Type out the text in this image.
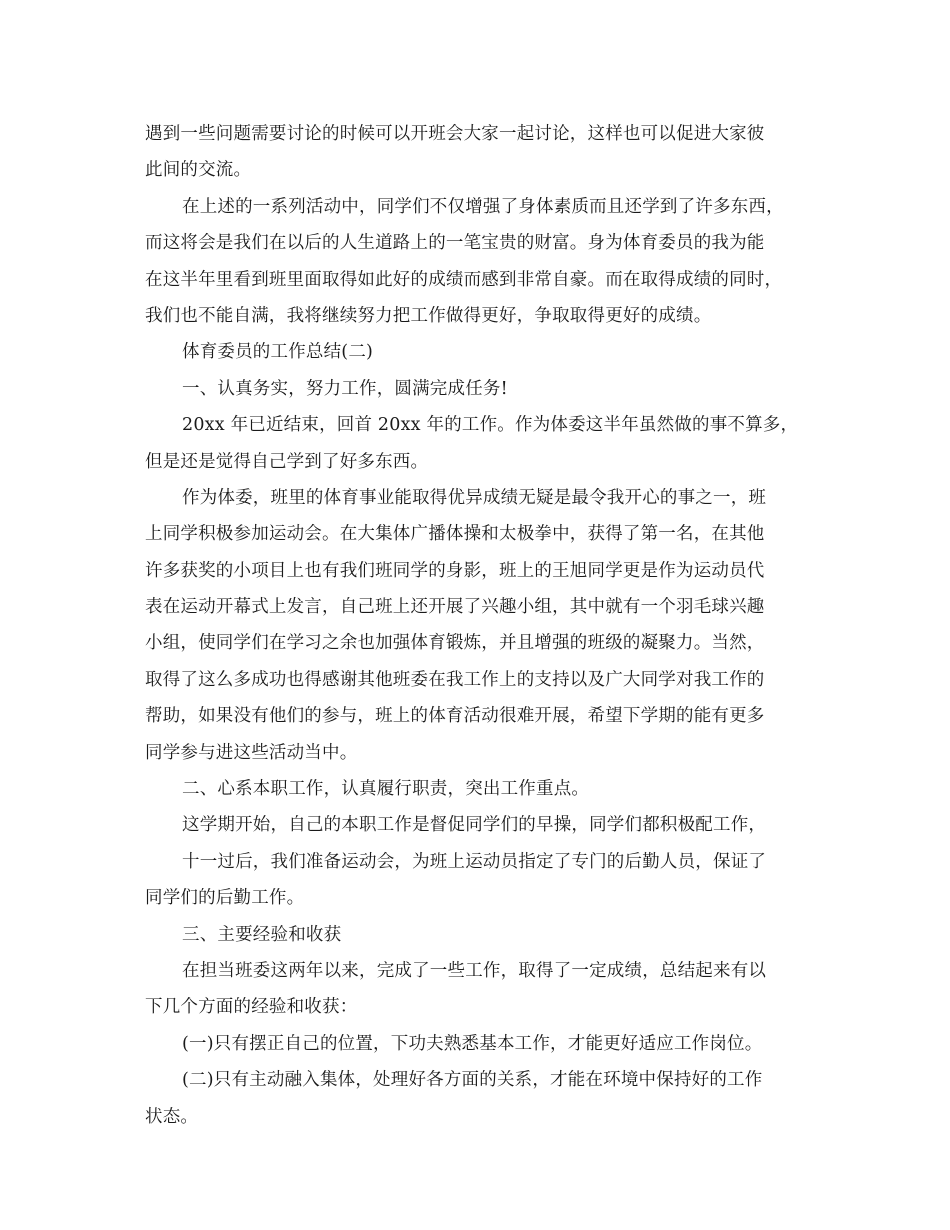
遇到一些问题需要讨论的时候可以开班会大家一起讨论，这样也可以促进大家彼
此间的交流。
在上述的一系列活动中，同学们不仅增强了身体素质而且还学到了许多东西，
而这将会是我们在以后的人生道路上的一笔宝贵的财富。身为体育委员的我为能
在这半年里看到班里面取得如此好的成绩而感到非常自豪。而在取得成绩的同时，
我们也不能自满，我将继续努力把工作做得更好，争取取得更好的成绩。
体育委员的工作总结(二)
一、认真务实，努力工作，圆满完成任务!
20xx 年已近结束，回首 20xx 年的工作。作为体委这半年虽然做的事不算多，
但是还是觉得自己学到了好多东西。
作为体委，班里的体育事业能取得优异成绩无疑是最令我开心的事之一，班
上同学积极参加运动会。在大集体广播体操和太极拳中，获得了第一名，在其他
许多获奖的小项目上也有我们班同学的身影，班上的王旭同学更是作为运动员代
表在运动开幕式上发言，自己班上还开展了兴趣小组，其中就有一个羽毛球兴趣
小组，使同学们在学习之余也加强体育锻炼，并且增强的班级的凝聚力。当然，
取得了这么多成功也得感谢其他班委在我工作上的支持以及广大同学对我工作的
帮助，如果没有他们的参与，班上的体育活动很难开展，希望下学期的能有更多
同学参与进这些活动当中。
二、心系本职工作，认真履行职责，突出工作重点。
这学期开始，自己的本职工作是督促同学们的早操，同学们都积极配工作，
十一过后，我们准备运动会，为班上运动员指定了专门的后勤人员，保证了
同学们的后勤工作。
三、主要经验和收获
在担当班委这两年以来，完成了一些工作，取得了一定成绩，总结起来有以
下几个方面的经验和收获：
(一)只有摆正自己的位置，下功夫熟悉基本工作，才能更好适应工作岗位。
(二)只有主动融入集体，处理好各方面的关系，才能在环境中保持好的工作
状态。
